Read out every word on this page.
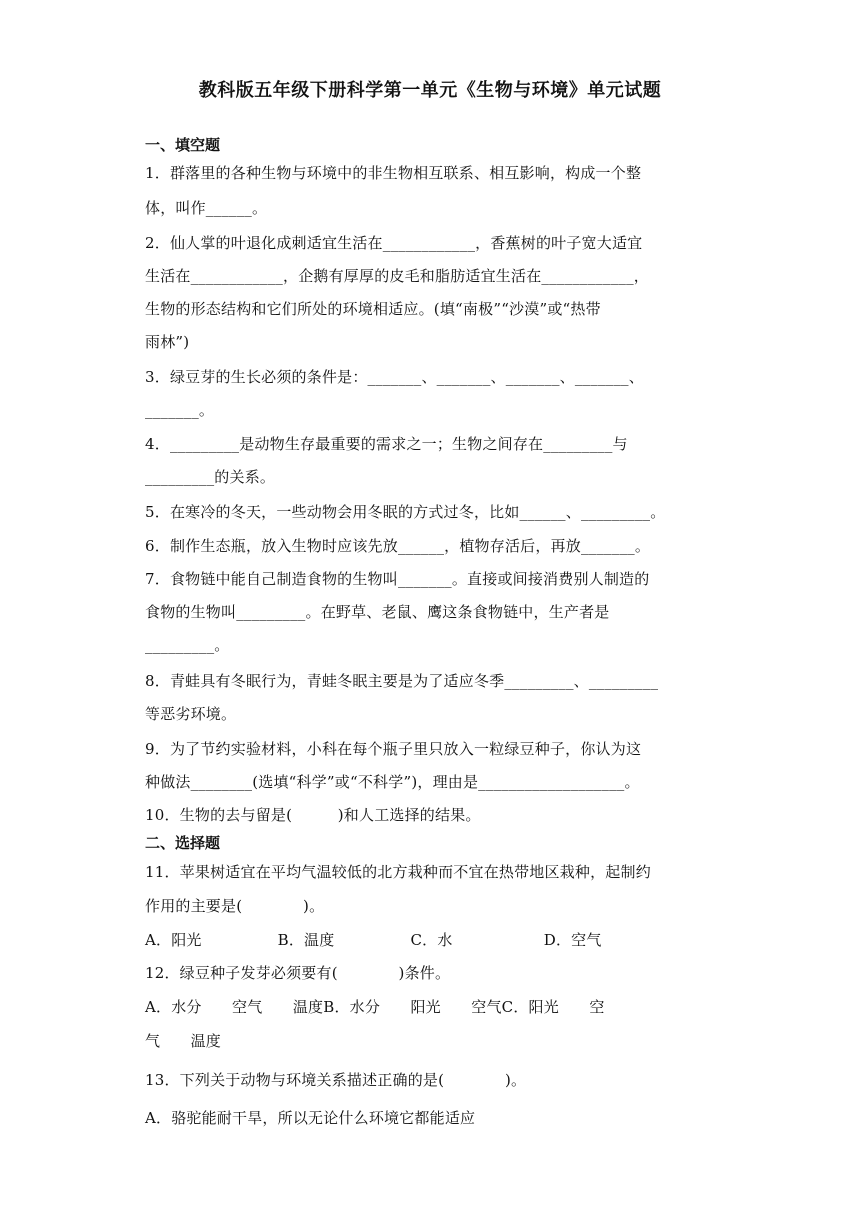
教科版五年级下册科学第一单元《生物与环境》单元试题
一、填空题
1．群落里的各种生物与环境中的非生物相互联系、相互影响，构成一个整
体，叫作______。
2．仙人掌的叶退化成刺适宜生活在____________，香蕉树的叶子宽大适宜
生活在____________，企鹅有厚厚的皮毛和脂肪适宜生活在____________，
生物的形态结构和它们所处的环境相适应。(填“南极”“沙漠”或“热带
雨林”)
3．绿豆芽的生长必须的条件是：_______、_______、_______、_______、
_______。
4．_________是动物生存最重要的需求之一；生物之间存在_________与
_________的关系。
5．在寒冷的冬天，一些动物会用冬眠的方式过冬，比如______、_________。
6．制作生态瓶，放入生物时应该先放______，植物存活后，再放_______。
7．食物链中能自己制造食物的生物叫_______。直接或间接消费别人制造的
食物的生物叫_________。在野草、老鼠、鹰这条食物链中，生产者是
_________。
8．青蛙具有冬眠行为，青蛙冬眠主要是为了适应冬季_________、_________
等恶劣环境。
9．为了节约实验材料，小科在每个瓶子里只放入一粒绿豆种子，你认为这
种做法________(选填“科学”或“不科学”)，理由是___________________。
10．生物的去与留是(　　　)和人工选择的结果。
二、选择题
11．苹果树适宜在平均气温较低的北方栽种而不宜在热带地区栽种，起制约
作用的主要是(　　　　)。
A．阳光　　　　　B．温度　　　　　C．水　　　　　　D．空气
12．绿豆种子发芽必须要有(　　　　)条件。
A．水分　　空气　　温度B．水分　　阳光　　空气C．阳光　　空
气　　温度
13．下列关于动物与环境关系描述正确的是(　　　　)。
A．骆驼能耐干旱，所以无论什么环境它都能适应
